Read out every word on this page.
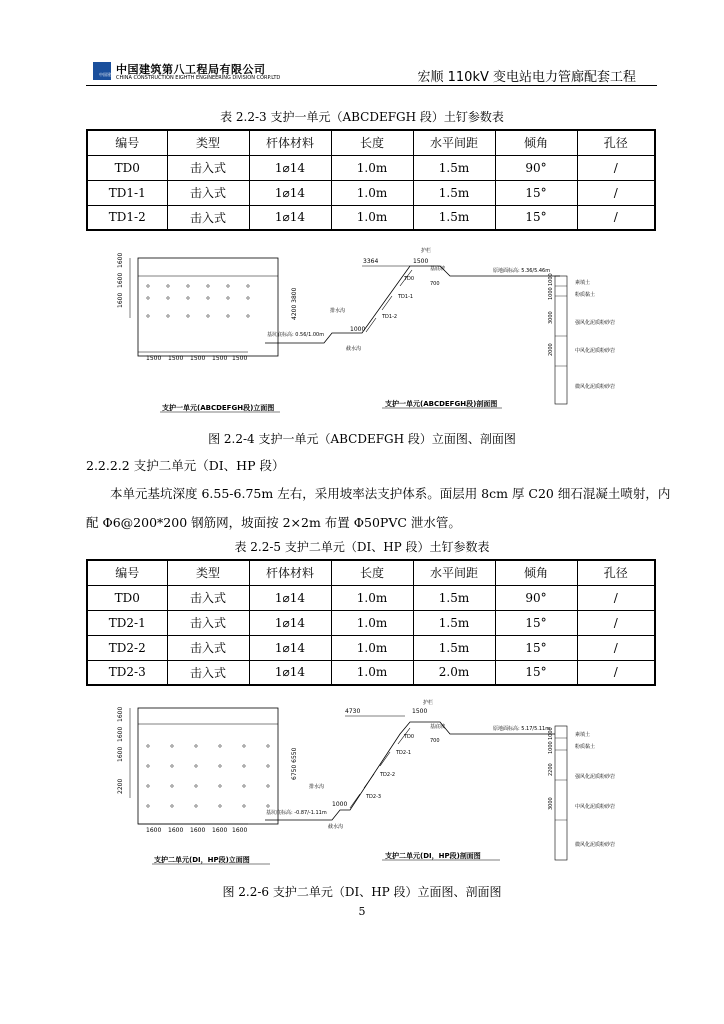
中国建筑 中国建筑第八工程局有限公司
CHINA CONSTRUCTION EIGHTH ENGINEERING DIVISION CORP.LTD	宏顺 110kV 变电站电力管廊配套工程
表 2.2-3 支护一单元（ABCDEFGH 段）土钉参数表
编号	类型	杆体材料	长度	水平间距	倾角	孔径
TD0	击入式	1⌀14	1.0m	1.5m	90°	/
TD1-1	击入式	1⌀14	1.0m	1.5m	15°	/
TD1-2	击入式	1⌀14	1.0m	1.5m	15°	/
1600
1600
1600	4200 3800
1500 1500 1500 1500 1500
支护一单元(ABCDEFGH段)立面图
3364	1500
护栏
基底坡
排水沟
基坑底标高: 0.56/1.00m
截水沟
1000
700
TD0
TD1-1
TD1-2
原地面标高: 5.36/5.46m
支护一单元(ABCDEFGH段)剖面图
1000
1000
3000
2000
素填土
粉质黏土
强风化泥质粉砂岩
中风化泥质粉砂岩
微风化泥质粉砂岩
图 2.2-4 支护一单元（ABCDEFGH 段）立面图、剖面图
2.2.2.2 支护二单元（DI、HP 段）
本单元基坑深度 6.55-6.75m 左右，采用坡率法支护体系。面层用 8cm 厚 C20 细石混凝土喷射，内
配 Φ6@200*200 钢筋网，坡面按 2×2m 布置 Φ50PVC 泄水管。
表 2.2-5 支护二单元（DI、HP 段）土钉参数表
编号	类型	杆体材料	长度	水平间距	倾角	孔径
TD0	击入式	1⌀14	1.0m	1.5m	90°	/
TD2-1	击入式	1⌀14	1.0m	1.5m	15°	/
TD2-2	击入式	1⌀14	1.0m	1.5m	15°	/
TD2-3	击入式	1⌀14	1.0m	2.0m	15°	/
1600
1600
1600
2200
6750 6550
1600 1600 1600 1600 1600
支护二单元(DI，HP段)立面图
4730	1500
护栏
基底坡
排水沟
基坑底标高: -0.87/-1.11m
截水沟
1000
700
TD0
TD2-1
TD2-2
TD2-3
原地面标高: 5.17/5.11m
支护二单元(DI，HP段)剖面图
1000
1000
2200
3000
素填土
粉质黏土
强风化泥质粉砂岩
中风化泥质粉砂岩
微风化泥质粉砂岩
图 2.2-6 支护二单元（DI、HP 段）立面图、剖面图
5
